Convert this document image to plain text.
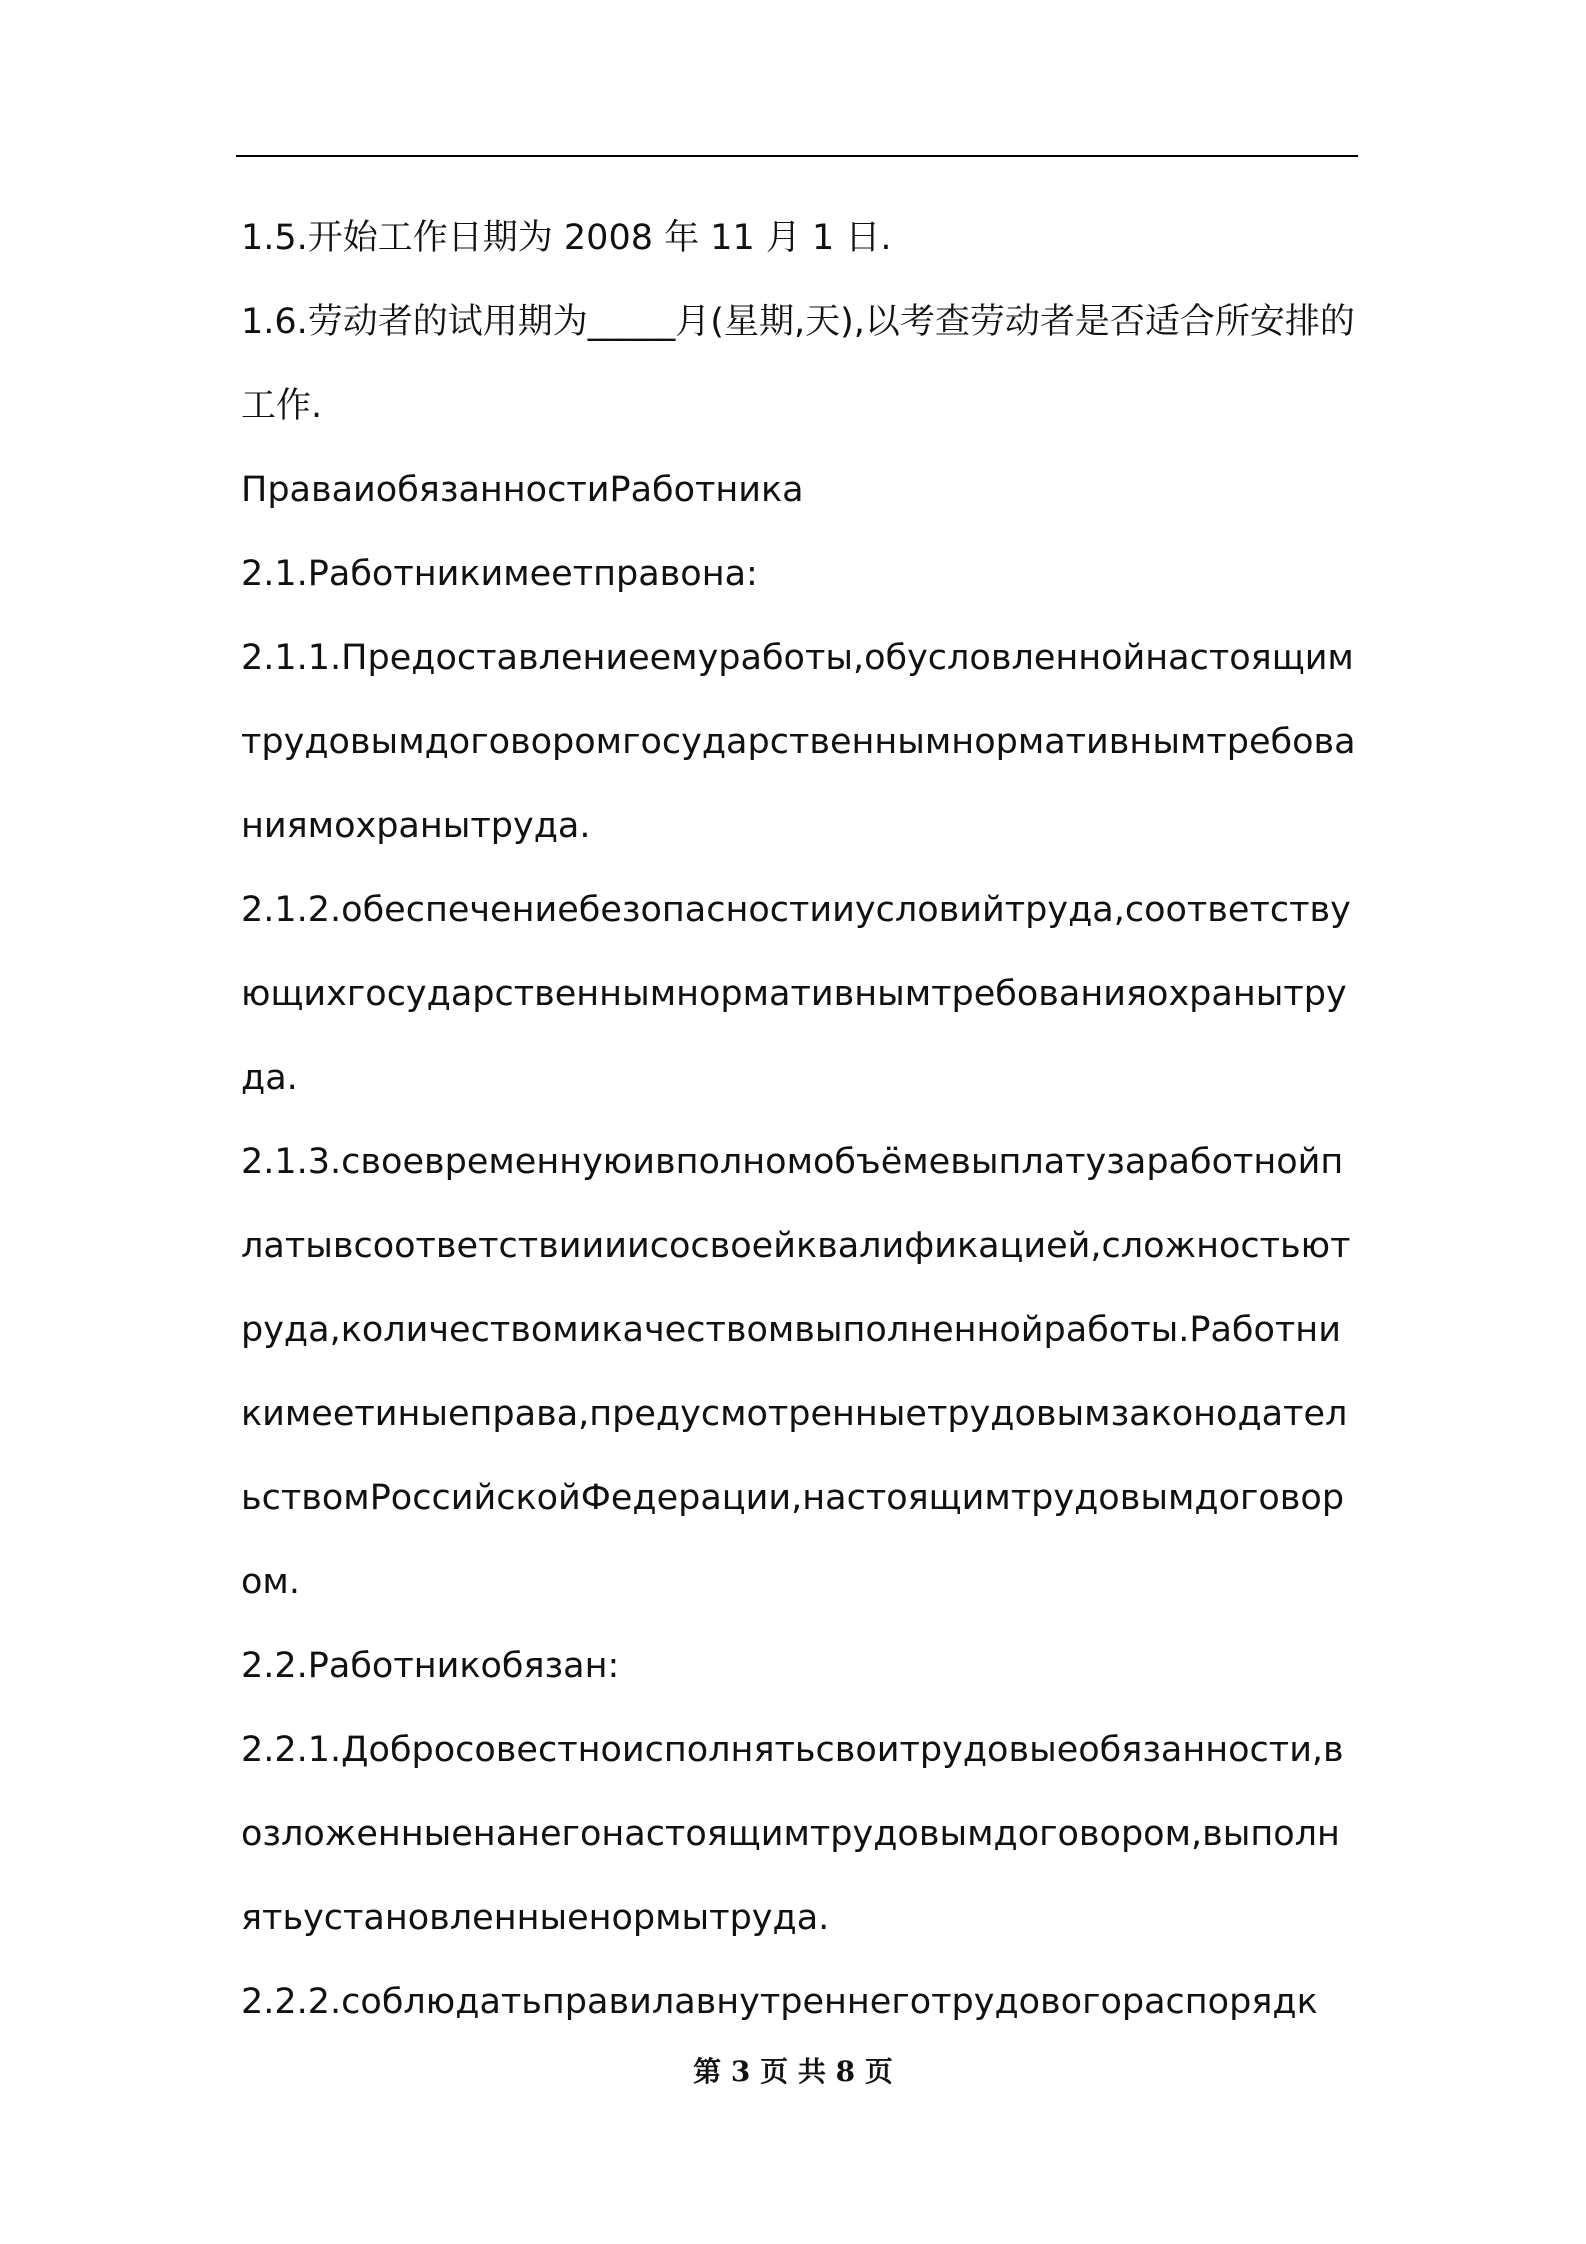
1.5.开始工作日期为 2008 年 11 月 1 日.

1.6.劳动者的试用期为_____月(星期,天),以考查劳动者是否适合所安排的工作.

ПраваиобязанностиРаботника

2.1.Работникимеетправона:

2.1.1.Предоставлениеемуработы,обусловленнойнастоящимтрудовымдоговоромгосударственнымнормативнымтребованиямохранытруда.

2.1.2.обеспечениебезопасностииусловийтруда,соответствующихгосударственнымнормативнымтребованияохранытруда.

2.1.3.своевременнуюивполномобъёмевыплатузаработнойплатывсоответствиииисосвоейквалификацией,сложностьютруда,количествомикачествомвыполненнойработы.Работникимеетиныеправа,предусмотренныетрудовымзаконодательствомРоссийскойФедерации,настоящимтрудовымдоговором.

2.2.Работникобязан:

2.2.1.Добросовестноисполнятьсвоитрудовыеобязанности,возложенныенанегонастоящимтрудовымдоговором,выполнятьустановленныенормытруда.

2.2.2.соблюдатьправилавнутреннеготрудовогораспорядк

第 3 页 共 8 页
